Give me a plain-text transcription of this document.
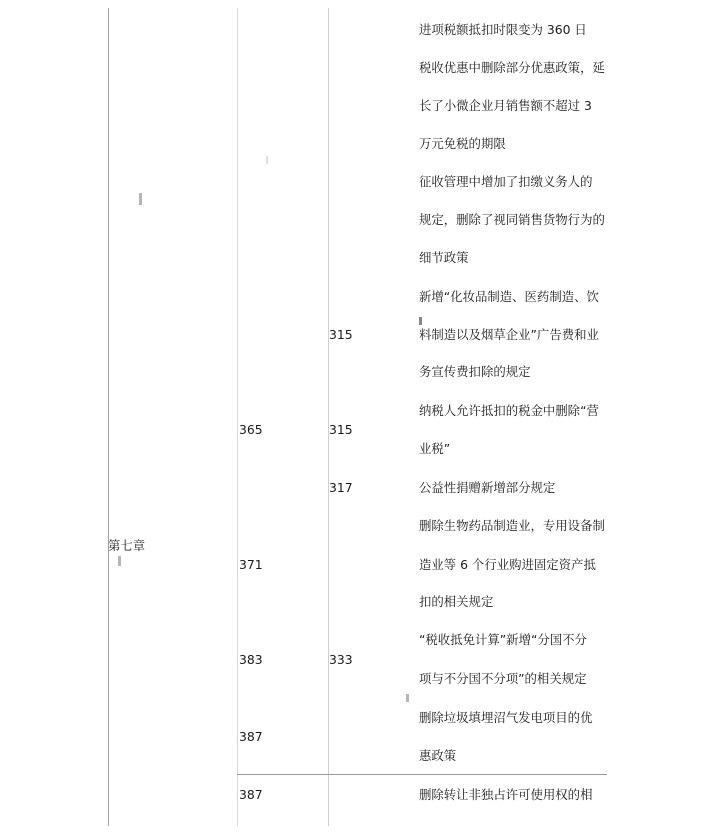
第七章
315
365	315
317
371
383	333
387
387
进项税额抵扣时限变为 360 日
税收优惠中删除部分优惠政策，延
长了小微企业月销售额不超过 3
万元免税的期限
征收管理中增加了扣缴义务人的
规定，删除了视同销售货物行为的
细节政策
新增“化妆品制造、医药制造、饮
料制造以及烟草企业”广告费和业
务宣传费扣除的规定
纳税人允许抵扣的税金中删除“营
业税”
公益性捐赠新增部分规定
删除生物药品制造业，专用设备制
造业等 6 个行业购进固定资产抵
扣的相关规定
“税收抵免计算”新增“分国不分
项与不分国不分项”的相关规定
删除垃圾填埋沼气发电项目的优
惠政策
删除转让非独占许可使用权的相
